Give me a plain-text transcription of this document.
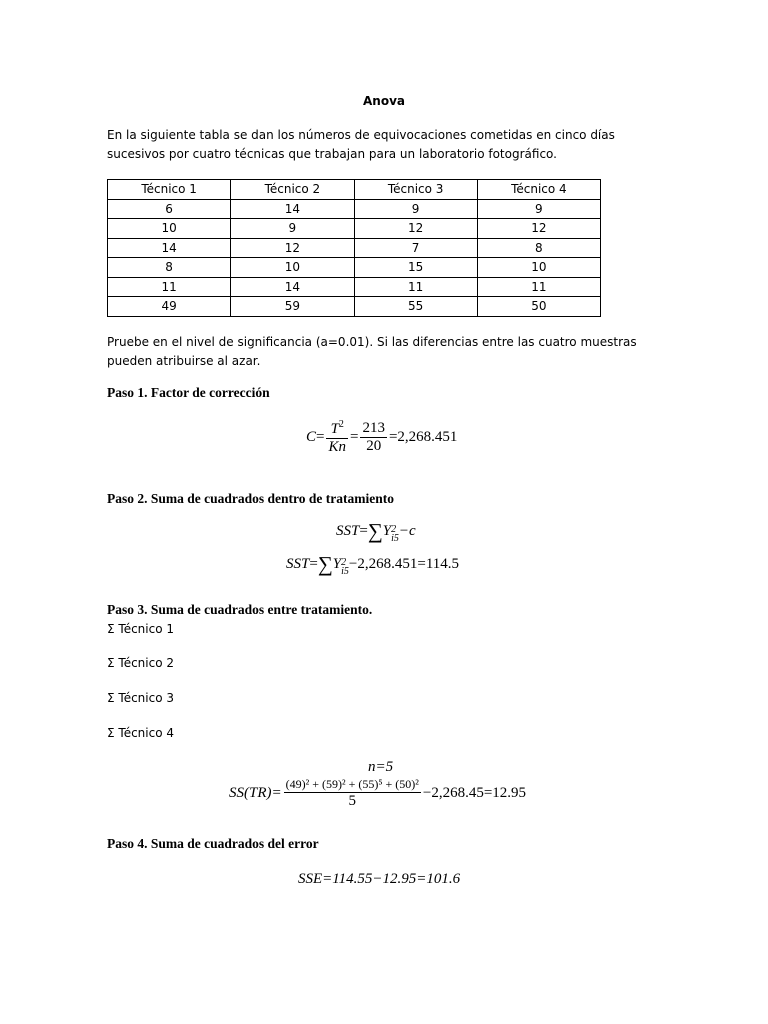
Anova
En la siguiente tabla se dan los números de equivocaciones cometidas en cinco días sucesivos por cuatro técnicas que trabajan para un laboratorio fotográfico.
Técnico 1	Técnico 2	Técnico 3	Técnico 4
6	14	9	9
10	9	12	12
14	12	7	8
8	10	15	10
11	14	11	11
49	59	55	50
Pruebe en el nivel de significancia (a=0.01). Si las diferencias entre las cuatro muestras pueden atribuirse al azar.
Paso 1. Factor de corrección
$C= \frac{T^2}{Kn} = \frac{213}{20} =2,268.451$
Paso 2. Suma de cuadrados dentro de tratamiento
SST=∑Y 2
i5 −c
SST=∑Y 2
i5 −2,268.451=114.5
Paso 3. Suma de cuadrados entre tratamiento.
Σ Técnico 1
Σ Técnico 2
Σ Técnico 3
Σ Técnico 4
n=5
$SS(TR)= \frac{\text{(49)² + (59)² + (55)⁵ + (50)²}}{5} -2,268.45=12.95$
Paso 4. Suma de cuadrados del error
SSE=114.55−12.95=101.6
